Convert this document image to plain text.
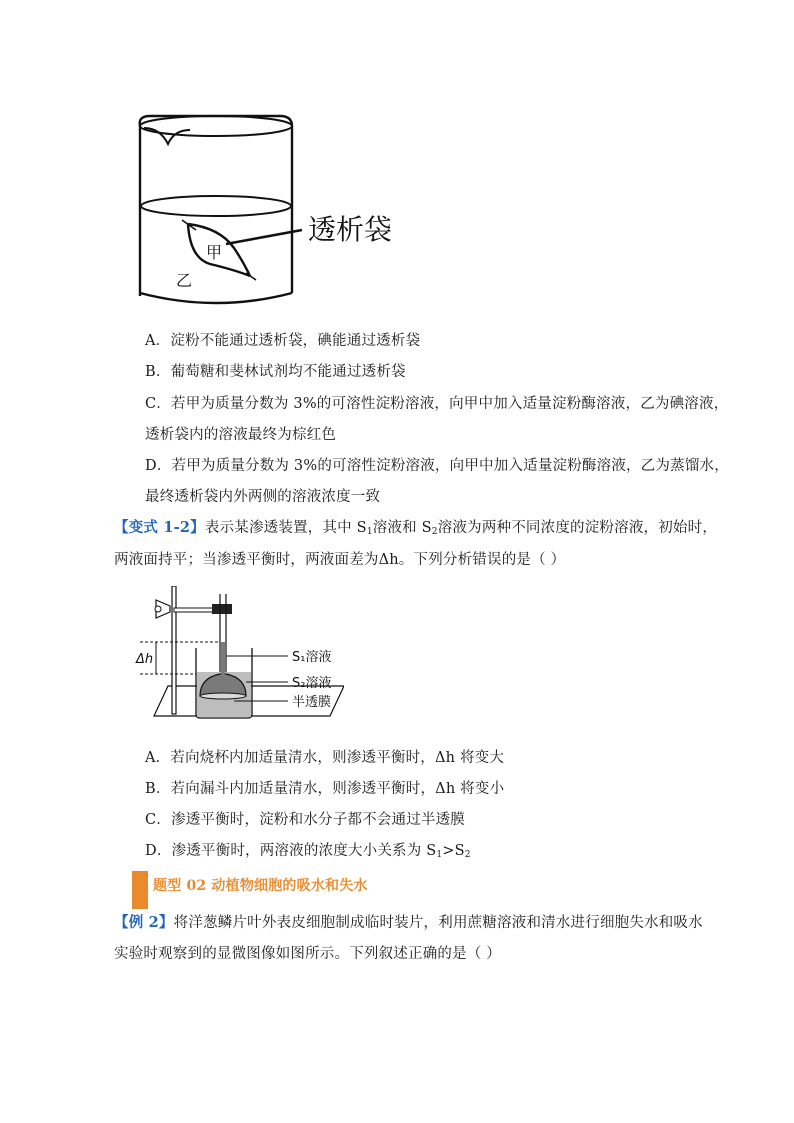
甲
乙
透析袋
A．淀粉不能通过透析袋，碘能通过透析袋
B．葡萄糖和斐林试剂均不能通过透析袋
C．若甲为质量分数为 3%的可溶性淀粉溶液，向甲中加入适量淀粉酶溶液，乙为碘溶液，
透析袋内的溶液最终为棕红色
D．若甲为质量分数为 3%的可溶性淀粉溶液，向甲中加入适量淀粉酶溶液，乙为蒸馏水，
最终透析袋内外两侧的溶液浓度一致
【变式 1-2】表示某渗透装置，其中 $S_1$溶液和 $S_2$溶液为两种不同浓度的淀粉溶液，初始时，
两液面持平；当渗透平衡时，两液面差为Δh。下列分析错误的是（ ）
Δh	S₁溶液
S₂溶液
半透膜
A．若向烧杯内加适量清水，则渗透平衡时，Δh 将变大
B．若向漏斗内加适量清水，则渗透平衡时，Δh 将变小
C．渗透平衡时，淀粉和水分子都不会通过半透膜
D．渗透平衡时，两溶液的浓度大小关系为 $S_1>S_2$
题型 02 动植物细胞的吸水和失水
【例 2】将洋葱鳞片叶外表皮细胞制成临时装片，利用蔗糖溶液和清水进行细胞失水和吸水
实验时观察到的显微图像如图所示。下列叙述正确的是（ ）
